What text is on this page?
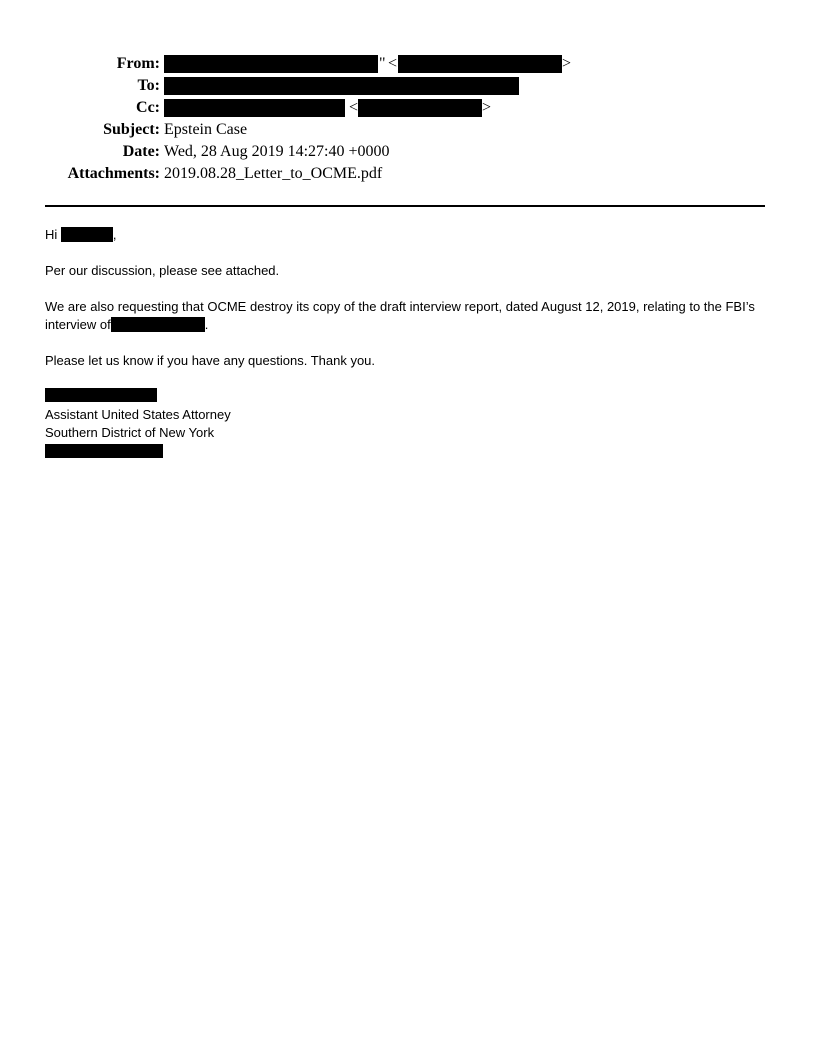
From:	" <	>
To:
Cc:	<	>
Subject: Epstein Case
Date: Wed, 28 Aug 2019 14:27:40 +0000
Attachments: 2019.08.28_Letter_to_OCME.pdf

Hi	,

Per our discussion, please see attached.

We are also requesting that OCME destroy its copy of the draft interview report, dated August 12, 2019, relating to the FBI’s interview of	.

Please let us know if you have any questions. Thank you.

Assistant United States Attorney
Southern District of New York
